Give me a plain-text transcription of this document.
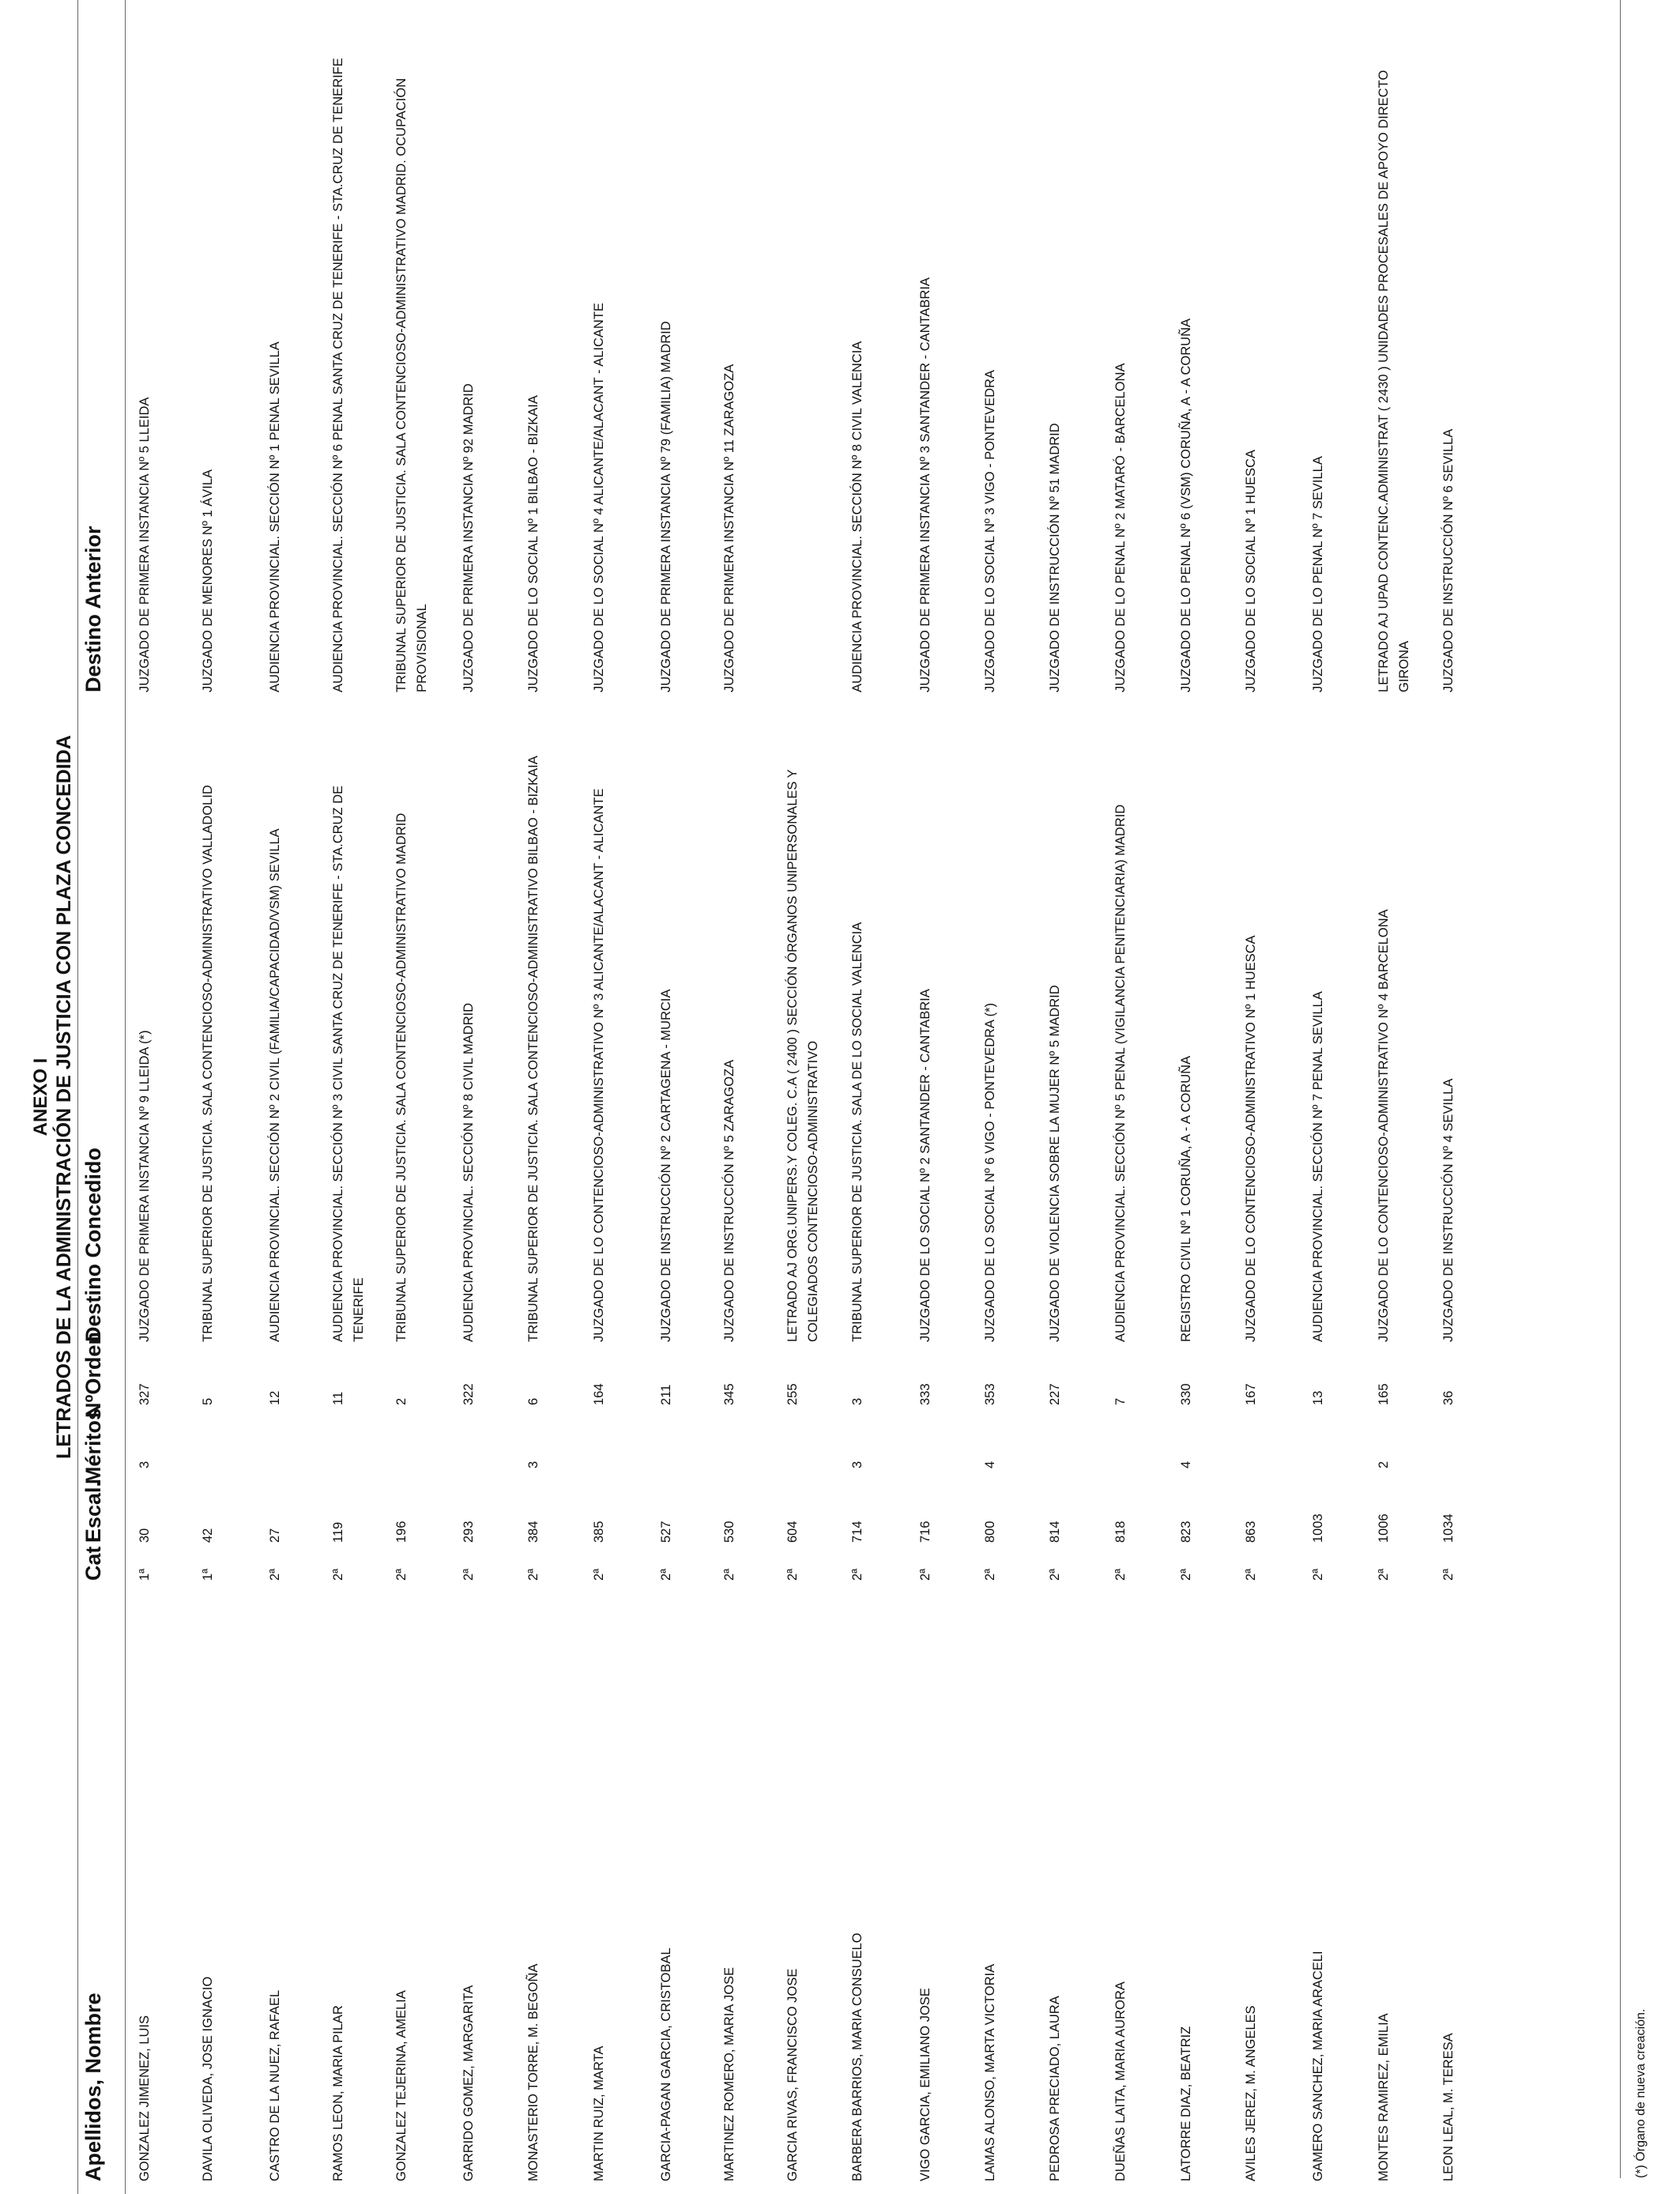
ANEXO I LETRADOS DE LA ADMINISTRACIÓN DE JUSTICIA CON PLAZA CONCEDIDA
Apellidos, Nombre
Cat
Escal.
Méritos
NºOrden
Destino Concedido
Destino Anterior
GONZALEZ JIMENEZ, LUIS
1ª
30
3
327
JUZGADO DE PRIMERA INSTANCIA Nº 9 LLEIDA (*)
JUZGADO DE PRIMERA INSTANCIA Nº 5 LLEIDA
DAVILA OLIVEDA, JOSE IGNACIO
1ª
42
5
TRIBUNAL SUPERIOR DE JUSTICIA. SALA CONTENCIOSO-ADMINISTRATIVO VALLADOLID
JUZGADO DE MENORES Nº 1 ÁVILA
CASTRO DE LA NUEZ, RAFAEL
2ª
27
12
AUDIENCIA PROVINCIAL. SECCIÓN Nº 2 CIVIL (FAMILIA/CAPACIDAD/VSM) SEVILLA
AUDIENCIA PROVINCIAL. SECCIÓN Nº 1 PENAL SEVILLA
RAMOS LEON, MARIA PILAR
2ª
119
11
AUDIENCIA PROVINCIAL. SECCIÓN Nº 3 CIVIL SANTA CRUZ DE TENERIFE - STA.CRUZ DE TENERIFE
AUDIENCIA PROVINCIAL. SECCIÓN Nº 6 PENAL SANTA CRUZ DE TENERIFE - STA.CRUZ DE TENERIFE
GONZALEZ TEJERINA, AMELIA
2ª
196
2
TRIBUNAL SUPERIOR DE JUSTICIA. SALA CONTENCIOSO-ADMINISTRATIVO MADRID
TRIBUNAL SUPERIOR DE JUSTICIA. SALA CONTENCIOSO-ADMINISTRATIVO MADRID. OCUPACIÓN PROVISIONAL
GARRIDO GOMEZ, MARGARITA
2ª
293
322
AUDIENCIA PROVINCIAL. SECCIÓN Nº 8 CIVIL MADRID
JUZGADO DE PRIMERA INSTANCIA Nº 92 MADRID
MONASTERIO TORRE, M. BEGOÑA
2ª
384
3
6
TRIBUNAL SUPERIOR DE JUSTICIA. SALA CONTENCIOSO-ADMINISTRATIVO BILBAO - BIZKAIA
JUZGADO DE LO SOCIAL Nº 1 BILBAO - BIZKAIA
MARTIN RUIZ, MARTA
2ª
385
164
JUZGADO DE LO CONTENCIOSO-ADMINISTRATIVO Nº 3 ALICANTE/ALACANT - ALICANTE
JUZGADO DE LO SOCIAL Nº 4 ALICANTE/ALACANT - ALICANTE
GARCIA-PAGAN GARCIA, CRISTOBAL
2ª
527
211
JUZGADO DE INSTRUCCIÓN Nº 2 CARTAGENA - MURCIA
JUZGADO DE PRIMERA INSTANCIA Nº 79 (FAMILIA) MADRID
MARTINEZ ROMERO, MARIA JOSE
2ª
530
345
JUZGADO DE INSTRUCCIÓN Nº 5 ZARAGOZA
JUZGADO DE PRIMERA INSTANCIA Nº 11 ZARAGOZA
GARCIA RIVAS, FRANCISCO JOSE
2ª
604
255
LETRADO AJ ORG.UNIPERS.Y COLEG. C.A ( 2400 ) SECCIÓN ÓRGANOS UNIPERSONALES Y COLEGIADOS CONTENCIOSO-ADMINISTRATIVO
BARBERA BARRIOS, MARIA CONSUELO
2ª
714
3
3
TRIBUNAL SUPERIOR DE JUSTICIA. SALA DE LO SOCIAL VALENCIA
AUDIENCIA PROVINCIAL. SECCIÓN Nº 8 CIVIL VALENCIA
VIGO GARCIA, EMILIANO JOSE
2ª
716
333
JUZGADO DE LO SOCIAL Nº 2 SANTANDER - CANTABRIA
JUZGADO DE PRIMERA INSTANCIA Nº 3 SANTANDER - CANTABRIA
LAMAS ALONSO, MARTA VICTORIA
2ª
800
4
353
JUZGADO DE LO SOCIAL Nº 6 VIGO - PONTEVEDRA (*)
JUZGADO DE LO SOCIAL Nº 3 VIGO - PONTEVEDRA
PEDROSA PRECIADO, LAURA
2ª
814
227
JUZGADO DE VIOLENCIA SOBRE LA MUJER Nº 5 MADRID
JUZGADO DE INSTRUCCIÓN Nº 51 MADRID
DUEÑAS LAITA, MARIA AURORA
2ª
818
7
AUDIENCIA PROVINCIAL. SECCIÓN Nº 5 PENAL (VIGILANCIA PENITENCIARIA) MADRID
JUZGADO DE LO PENAL Nº 2 MATARÓ - BARCELONA
LATORRE DIAZ, BEATRIZ
2ª
823
4
330
REGISTRO CIVIL Nº 1 CORUÑA, A - A CORUÑA
JUZGADO DE LO PENAL Nº 6 (VSM) CORUÑA, A - A CORUÑA
AVILES JEREZ, M. ANGELES
2ª
863
167
JUZGADO DE LO CONTENCIOSO-ADMINISTRATIVO Nº 1 HUESCA
JUZGADO DE LO SOCIAL Nº 1 HUESCA
GAMERO SANCHEZ, MARIA ARACELI
2ª
1003
13
AUDIENCIA PROVINCIAL. SECCIÓN Nº 7 PENAL SEVILLA
JUZGADO DE LO PENAL Nº 7 SEVILLA
MONTES RAMIREZ, EMILIA
2ª
1006
2
165
JUZGADO DE LO CONTENCIOSO-ADMINISTRATIVO Nº 4 BARCELONA
LETRADO AJ UPAD CONTENC.ADMINISTRAT ( 2430 ) UNIDADES PROCESALES DE APOYO DIRECTO GIRONA
LEON LEAL, M. TERESA
2ª
1034
36
JUZGADO DE INSTRUCCIÓN Nº 4 SEVILLA
JUZGADO DE INSTRUCCIÓN Nº 6 SEVILLA
(*) Órgano de nueva creación.
